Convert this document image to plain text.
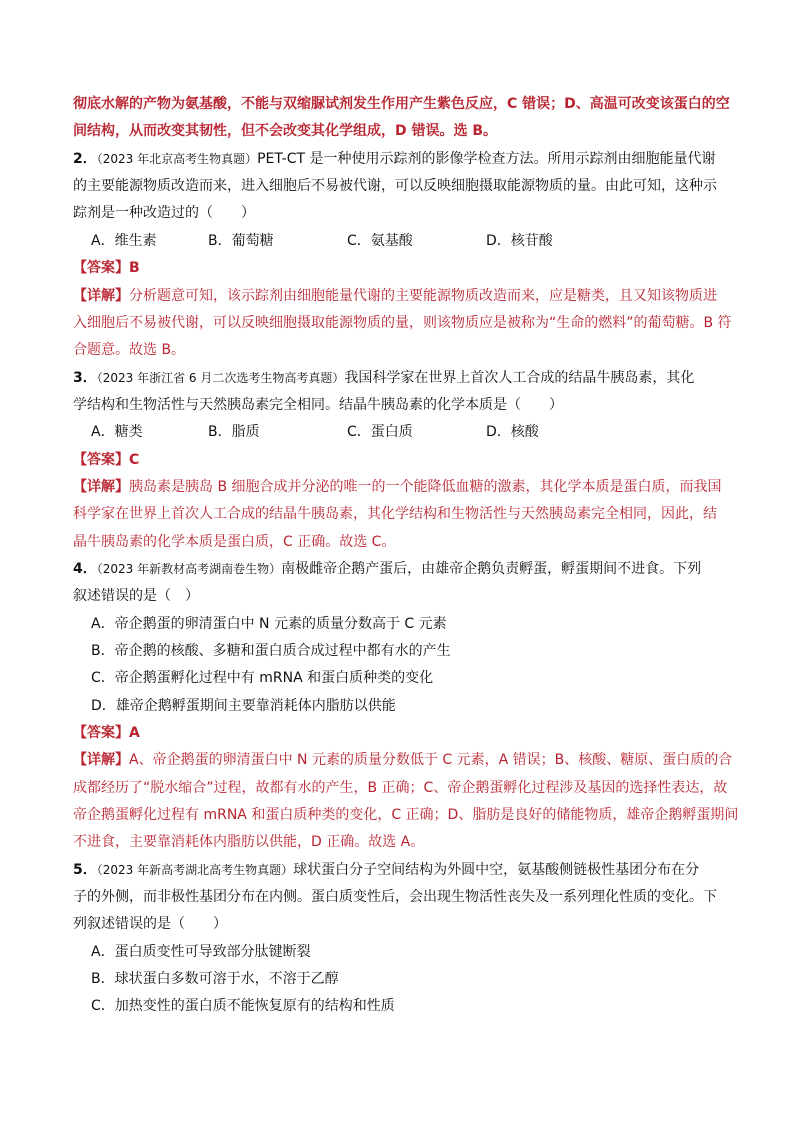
彻底水解的产物为氨基酸，不能与双缩脲试剂发生作用产生紫色反应，C 错误；D、高温可改变该蛋白的空
间结构，从而改变其韧性，但不会改变其化学组成，D 错误。选 B。
2．（2023 年北京高考生物真题）PET-CT 是一种使用示踪剂的影像学检查方法。所用示踪剂由细胞能量代谢
的主要能源物质改造而来，进入细胞后不易被代谢，可以反映细胞摄取能源物质的量。由此可知，这种示
踪剂是一种改造过的（　　）
A．维生素	B．葡萄糖	C．氨基酸	D．核苷酸
【答案】B
【详解】分析题意可知，该示踪剂由细胞能量代谢的主要能源物质改造而来，应是糖类，且又知该物质进
入细胞后不易被代谢，可以反映细胞摄取能源物质的量，则该物质应是被称为“生命的燃料”的葡萄糖。B 符
合题意。故选 B。
3．（2023 年浙江省 6 月二次选考生物高考真题）我国科学家在世界上首次人工合成的结晶牛胰岛素，其化
学结构和生物活性与天然胰岛素完全相同。结晶牛胰岛素的化学本质是（　　）
A．糖类	B．脂质	C．蛋白质	D．核酸
【答案】C
【详解】胰岛素是胰岛 B 细胞合成并分泌的唯一的一个能降低血糖的激素，其化学本质是蛋白质，而我国
科学家在世界上首次人工合成的结晶牛胰岛素，其化学结构和生物活性与天然胰岛素完全相同，因此，结
晶牛胰岛素的化学本质是蛋白质，C 正确。故选 C。
4．（2023 年新教材高考湖南卷生物）南极雌帝企鹅产蛋后，由雄帝企鹅负责孵蛋，孵蛋期间不进食。下列
叙述错误的是（　）
A．帝企鹅蛋的卵清蛋白中 N 元素的质量分数高于 C 元素
B．帝企鹅的核酸、多糖和蛋白质合成过程中都有水的产生
C．帝企鹅蛋孵化过程中有 mRNA 和蛋白质种类的变化
D．雄帝企鹅孵蛋期间主要靠消耗体内脂肪以供能
【答案】A
【详解】A、帝企鹅蛋的卵清蛋白中 N 元素的质量分数低于 C 元素，A 错误；B、核酸、糖原、蛋白质的合
成都经历了“脱水缩合”过程，故都有水的产生，B 正确；C、帝企鹅蛋孵化过程涉及基因的选择性表达，故
帝企鹅蛋孵化过程有 mRNA 和蛋白质种类的变化，C 正确；D、脂肪是良好的储能物质，雄帝企鹅孵蛋期间
不进食，主要靠消耗体内脂肪以供能，D 正确。故选 A。
5．（2023 年新高考湖北高考生物真题）球状蛋白分子空间结构为外圆中空，氨基酸侧链极性基团分布在分
子的外侧，而非极性基团分布在内侧。蛋白质变性后，会出现生物活性丧失及一系列理化性质的变化。下
列叙述错误的是（　　）
A．蛋白质变性可导致部分肽键断裂
B．球状蛋白多数可溶于水，不溶于乙醇
C．加热变性的蛋白质不能恢复原有的结构和性质
